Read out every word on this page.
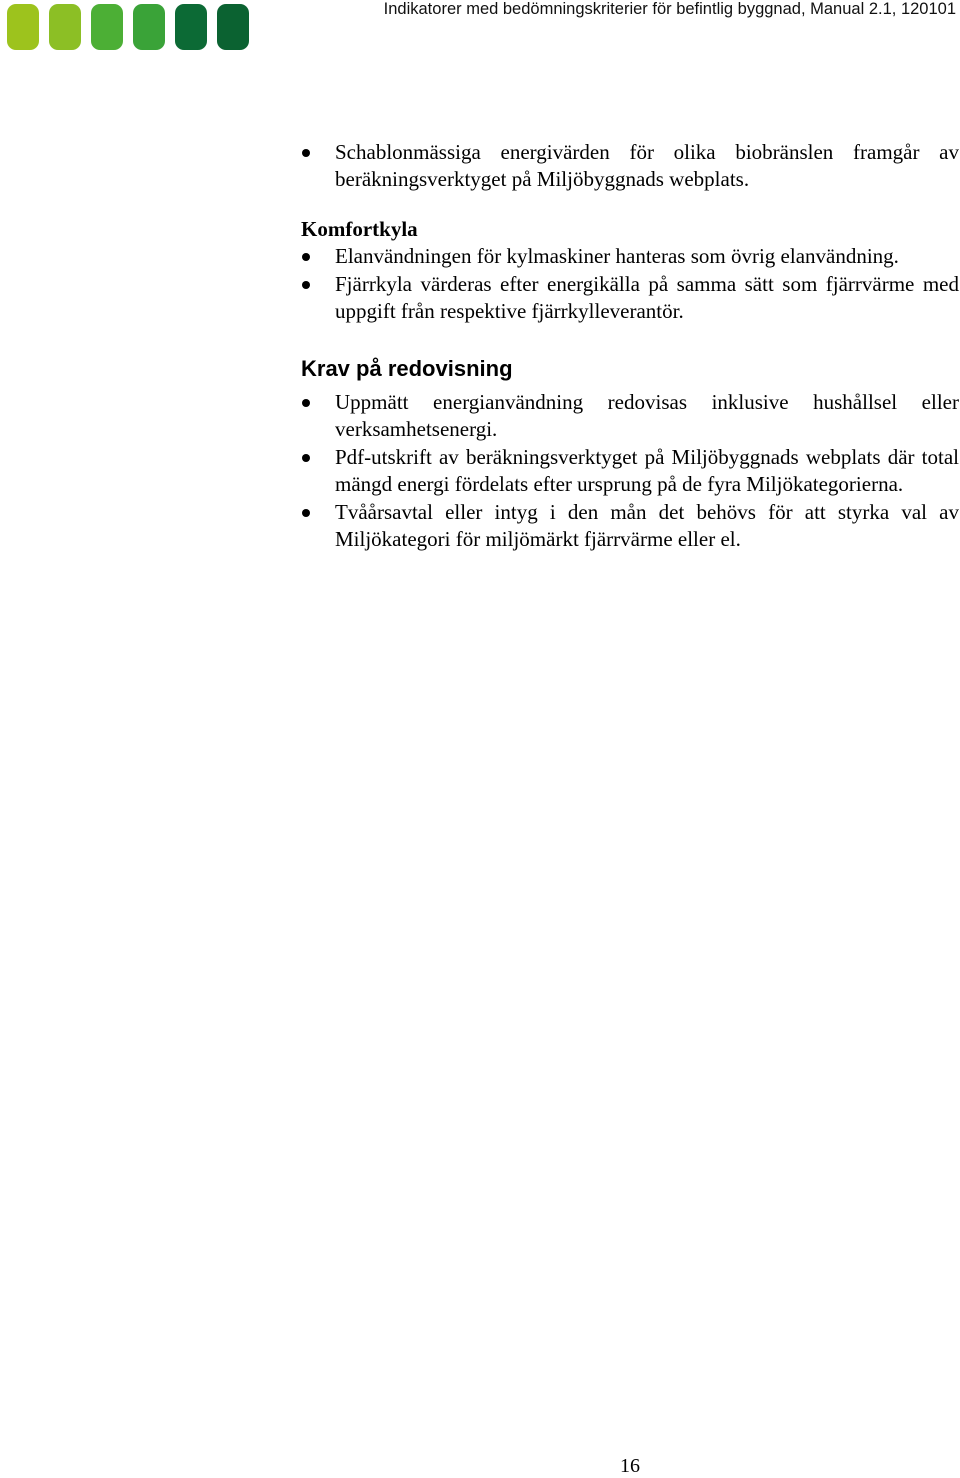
Indikatorer med bedömningskriterier för befintlig byggnad, Manual 2.1, 120101
Schablonmässiga energivärden för olika biobränslen framgår av beräkningsverktyget på Miljöbyggnads webplats.
Komfortkyla
Elanvändningen för kylmaskiner hanteras som övrig elanvändning.
Fjärrkyla värderas efter energikälla på samma sätt som fjärrvärme med uppgift från respektive fjärrkylleverantör.
Krav på redovisning
Uppmätt energianvändning redovisas inklusive hushållsel eller verksamhetsenergi.
Pdf-utskrift av beräkningsverktyget på Miljöbyggnads webplats där total mängd energi fördelats efter ursprung på de fyra Miljökategorierna.
Tvåårsavtal eller intyg i den mån det behövs för att styrka val av Miljökategori för miljömärkt fjärrvärme eller el.
16
